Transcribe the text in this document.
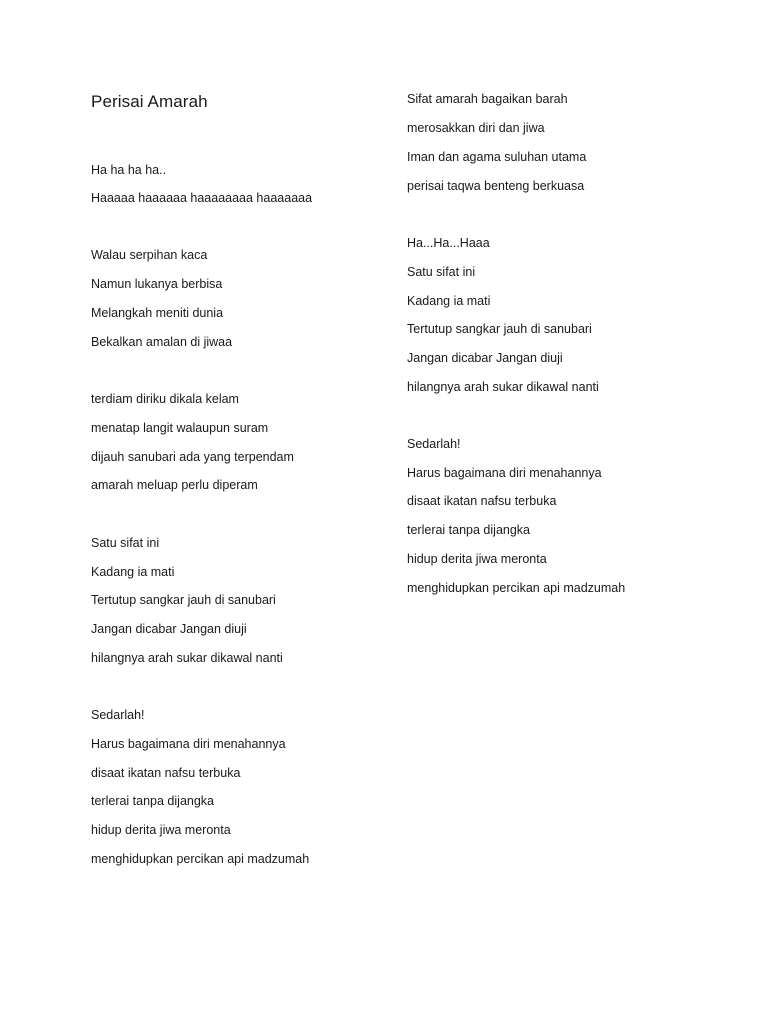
Perisai Amarah

Ha ha ha ha..

Haaaaa haaaaaa haaaaaaaa haaaaaaa

Walau serpihan kaca

Namun lukanya berbisa

Melangkah meniti dunia

Bekalkan amalan di jiwaa

terdiam diriku dikala kelam

menatap langit walaupun suram

dijauh sanubari ada yang terpendam

amarah meluap perlu diperam

Satu sifat ini

Kadang ia mati

Tertutup sangkar jauh di sanubari

Jangan dicabar Jangan diuji

hilangnya arah sukar dikawal nanti

Sedarlah!

Harus bagaimana diri menahannya

disaat ikatan nafsu terbuka

terlerai tanpa dijangka

hidup derita jiwa meronta

menghidupkan percikan api madzumah

Sifat amarah bagaikan barah

merosakkan diri dan jiwa

Iman dan agama suluhan utama

perisai taqwa benteng berkuasa

Ha...Ha...Haaa

Satu sifat ini

Kadang ia mati

Tertutup sangkar jauh di sanubari

Jangan dicabar Jangan diuji

hilangnya arah sukar dikawal nanti

Sedarlah!

Harus bagaimana diri menahannya

disaat ikatan nafsu terbuka

terlerai tanpa dijangka

hidup derita jiwa meronta

menghidupkan percikan api madzumah
